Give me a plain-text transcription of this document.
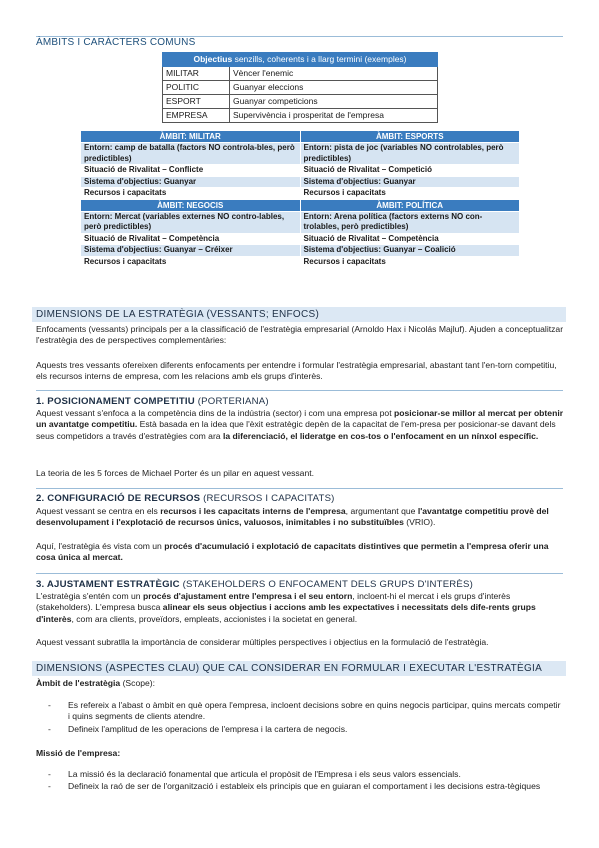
ÀMBITS I CARÀCTERS COMUNS
Objectius senzills, coherents i a llarg termini (exemples)	
MILITAR	Vèncer l'enemic
POLITIC	Guanyar eleccions
ESPORT	Guanyar competicions
EMPRESA	Supervivència i prosperitat de l'empresa
ÀMBIT: MILITAR	ÀMBIT: ESPORTS
Entorn: camp de batalla (factors NO controla-bles, però predictibles)	Entorn: pista de joc (variables NO controlables, però predictibles)
Situació de Rivalitat – Conflicte	Situació de Rivalitat – Competició
Sistema d'objectius: Guanyar	Sistema d'objectius: Guanyar
Recursos i capacitats	Recursos i capacitats
ÀMBIT: NEGOCIS	ÀMBIT: POLÍTICA
Entorn: Mercat (variables externes NO contro-lables, però predictibles)	Entorn: Arena política (factors externs NO con-trolables, però predictibles)
Situació de Rivalitat – Competència	Situació de Rivalitat – Competència
Sistema d'objectius: Guanyar – Créixer	Sistema d'objectius: Guanyar – Coalició
Recursos i capacitats	Recursos i capacitats
DIMENSIONS DE LA ESTRATÈGIA (VESSANTS; ENFOCS)
Enfocaments (vessants) principals per a la classificació de l'estratègia empresarial (Arnoldo Hax i Nicolás Majluf). Ajuden a conceptualitzar l'estratègia des de perspectives complementàries:
Aquests tres vessants ofereixen diferents enfocaments per entendre i formular l'estratègia empresarial, abastant tant l'en-torn competitiu, els recursos interns de empresa, com les relacions amb els grups d'interès.
1. POSICIONAMENT COMPETITIU (PORTERIANA)
Aquest vessant s'enfoca a la competència dins de la indústria (sector) i com una empresa pot posicionar-se millor al mercat per obtenir un avantatge competitiu. Està basada en la idea que l'èxit estratègic depèn de la capacitat de l'em-presa per posicionar-se davant dels seus competidors a través d'estratègies com ara la diferenciació, el lideratge en cos-tos o l'enfocament en un nínxol específic.
La teoria de les 5 forces de Michael Porter és un pilar en aquest vessant.
2. CONFIGURACIÓ DE RECURSOS (RECURSOS I CAPACITATS)
Aquest vessant se centra en els recursos i les capacitats interns de l'empresa, argumentant que l'avantatge competitiu provè del desenvolupament i l'explotació de recursos únics, valuosos, inimitables i no substituïbles (VRIO).
Aquí, l'estratègia és vista com un procés d'acumulació i explotació de capacitats distintives que permetin a l'empresa oferir una cosa única al mercat.
3. AJUSTAMENT ESTRATÈGIC (STAKEHOLDERS O ENFOCAMENT DELS GRUPS D'INTERÈS)
L'estratègia s'entén com un procés d'ajustament entre l'empresa i el seu entorn, incloent-hi el mercat i els grups d'interès (stakeholders). L'empresa busca alinear els seus objectius i accions amb les expectatives i necessitats dels dife-rents grups d'interès, com ara clients, proveïdors, empleats, accionistes i la societat en general.
Aquest vessant subratlla la importància de considerar múltiples perspectives i objectius en la formulació de l'estratègia.
DIMENSIONS (ASPECTES CLAU) QUE CAL CONSIDERAR EN FORMULAR I EXECUTAR L'ESTRATÈGIA
Àmbit de l'estratègia (Scope):
- Es refereix a l'abast o àmbit en què opera l'empresa, incloent decisions sobre en quins negocis participar, quins mercats competir i quins segments de clients atendre.
- Defineix l'amplitud de les operacions de l'empresa i la cartera de negocis.
Missió de l'empresa:
- La missió és la declaració fonamental que articula el propòsit de l'Empresa i els seus valors essencials.
- Defineix la raó de ser de l'organització i estableix els principis que en guiaran el comportament i les decisions estra-tègiques
